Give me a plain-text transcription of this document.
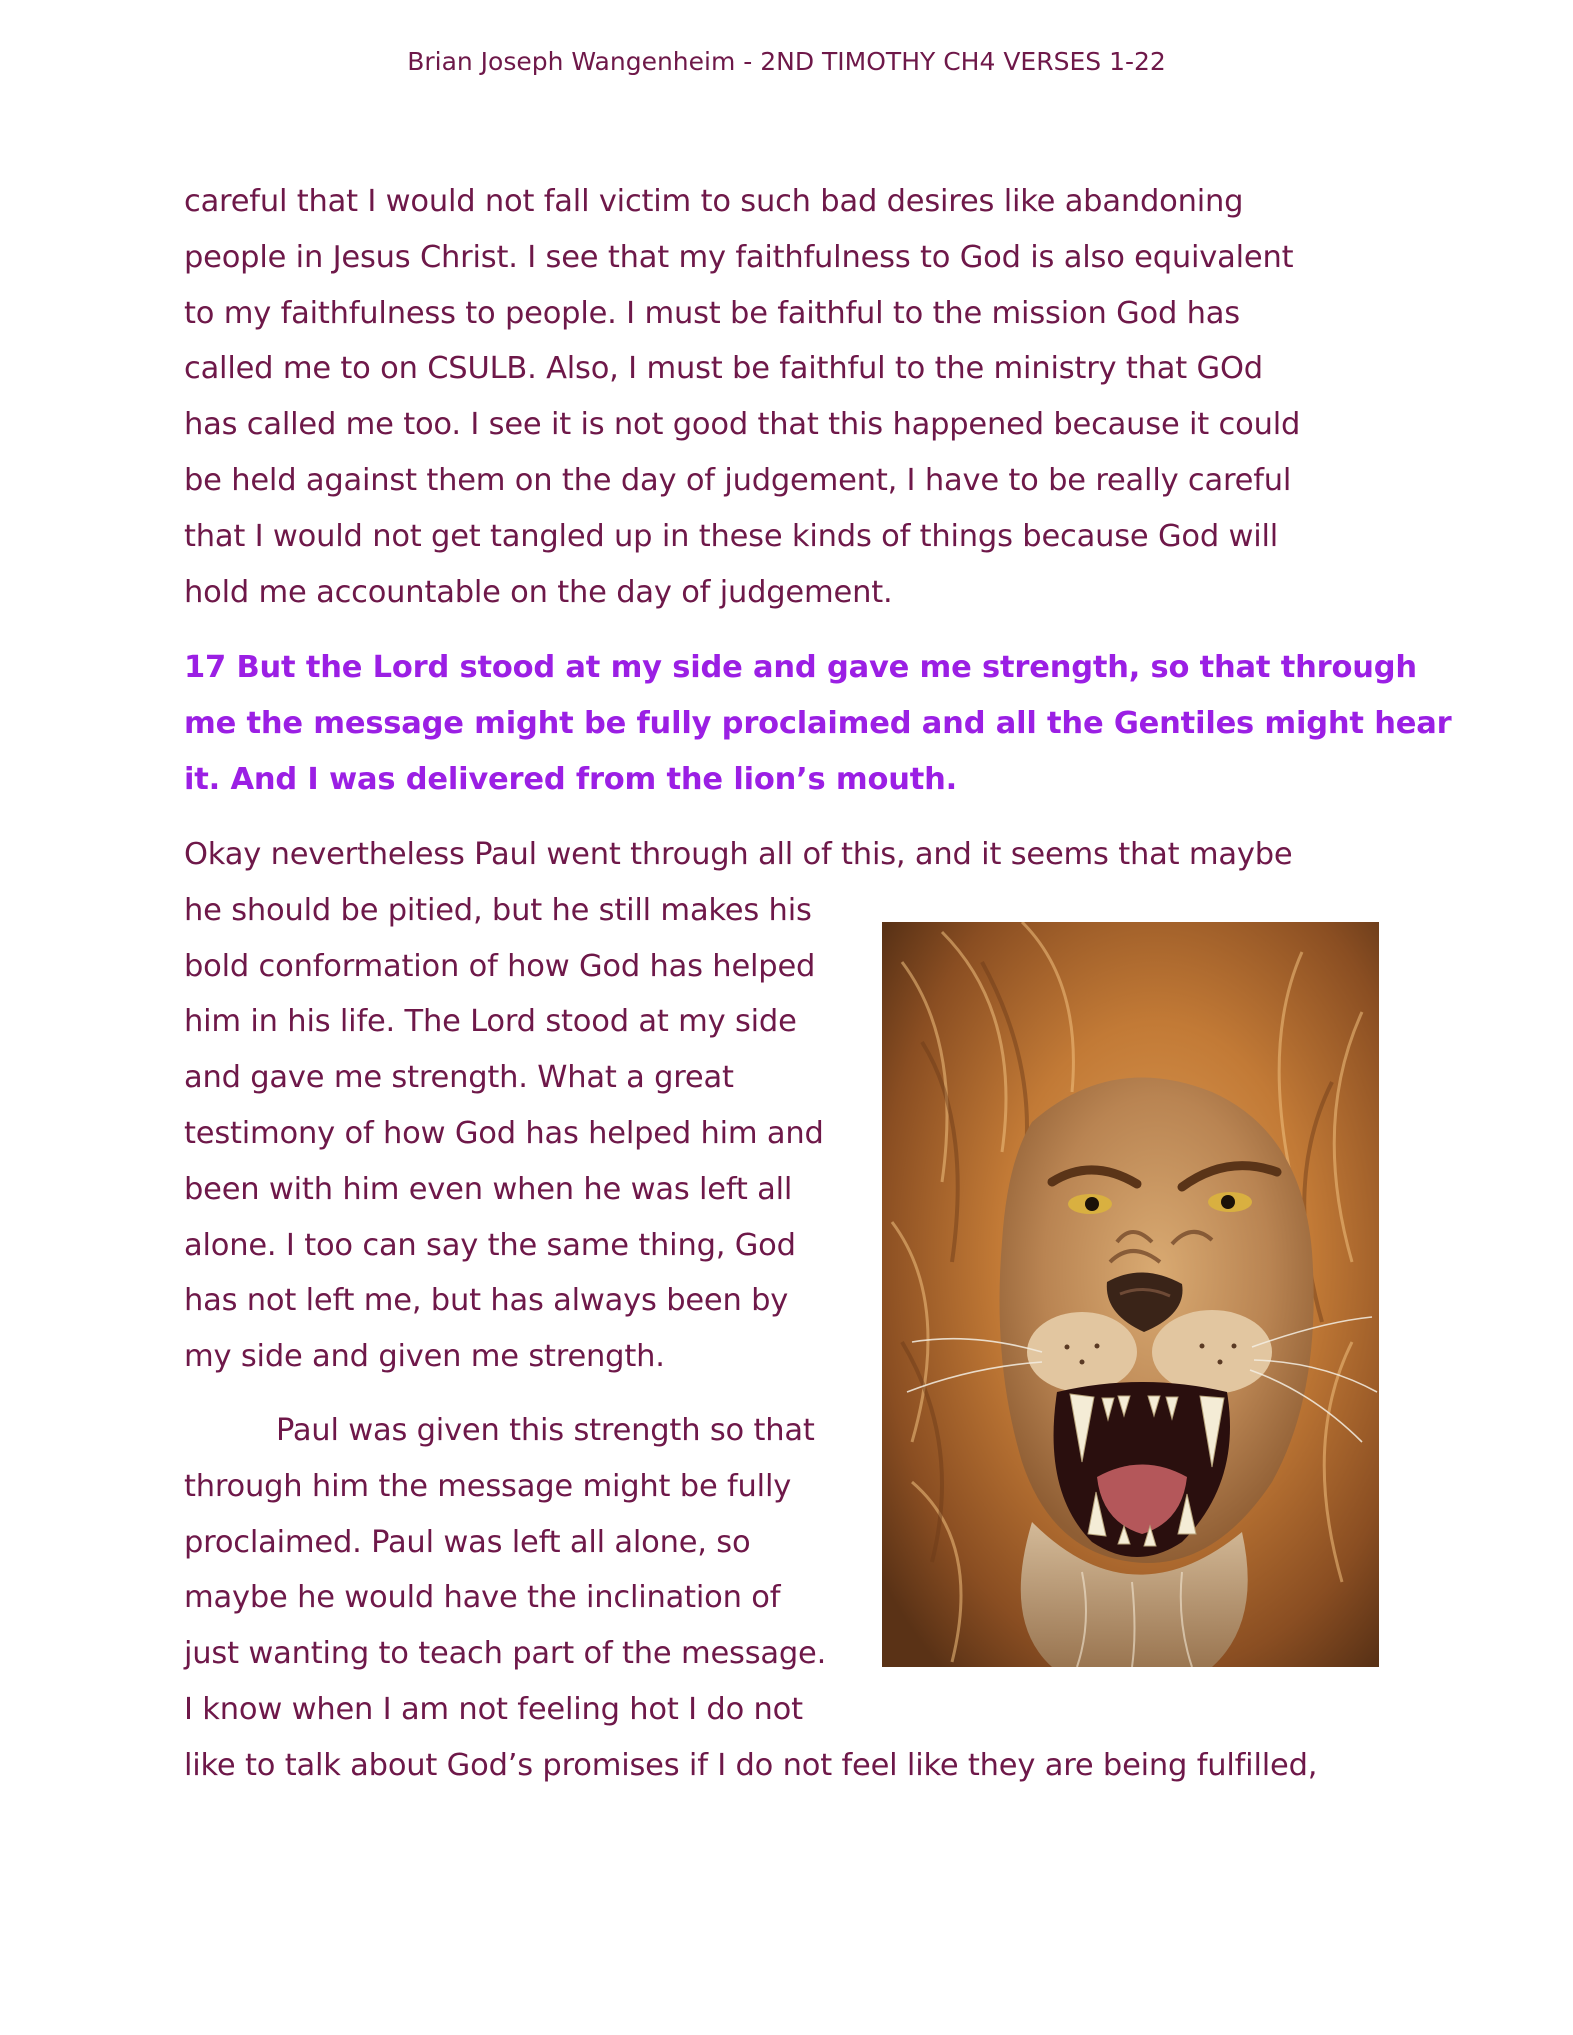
Brian Joseph Wangenheim - 2ND TIMOTHY CH4 VERSES 1-22
careful that I would not fall victim to such bad desires like abandoning
people in Jesus Christ. I see that my faithfulness to God is also equivalent
to my faithfulness to people. I must be faithful to the mission God has
called me to on CSULB. Also, I must be faithful to the ministry that GOd
has called me too. I see it is not good that this happened because it could
be held against them on the day of judgement, I have to be really careful
that I would not get tangled up in these kinds of things because God will
hold me accountable on the day of judgement.
17 But the Lord stood at my side and gave me strength, so that through
me the message might be fully proclaimed and all the Gentiles might hear
it. And I was delivered from the lion’s mouth.
Okay nevertheless Paul went through all of this, and it seems that maybe
he should be pitied, but he still makes his
bold conformation of how God has helped
him in his life. The Lord stood at my side
and gave me strength. What a great
testimony of how God has helped him and
been with him even when he was left all
alone. I too can say the same thing, God
has not left me, but has always been by
my side and given me strength.
Paul was given this strength so that
through him the message might be fully
proclaimed. Paul was left all alone, so
maybe he would have the inclination of
just wanting to teach part of the message.
I know when I am not feeling hot I do not
like to talk about God’s promises if I do not feel like they are being fulfilled,
